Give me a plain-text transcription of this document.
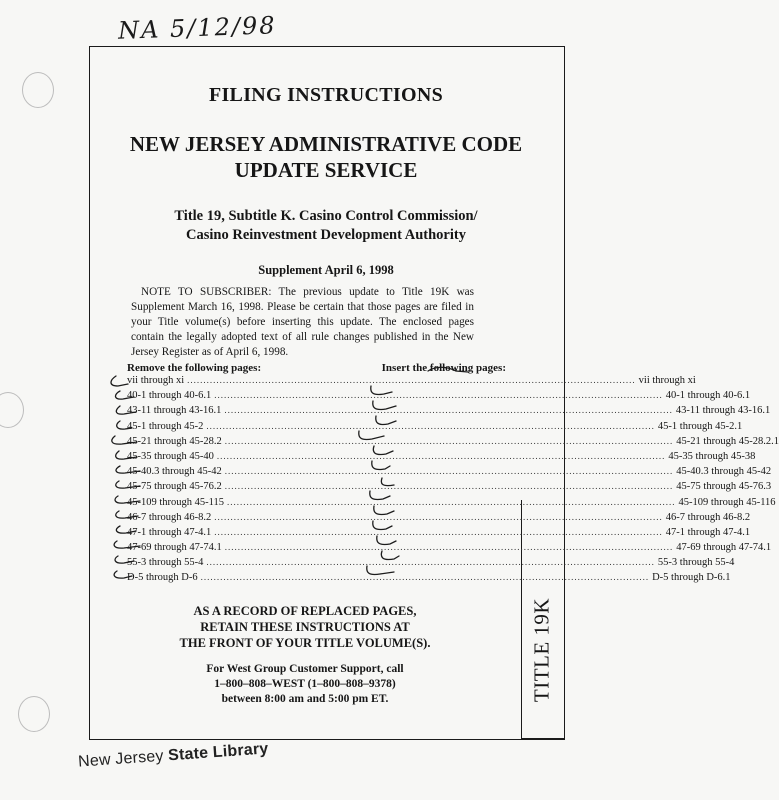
NA 5/12/98
TITLE 19K
FILING INSTRUCTIONS
NEW JERSEY ADMINISTRATIVE CODE
UPDATE SERVICE
Title 19, Subtitle K. Casino Control Commission/
Casino Reinvestment Development Authority
Supplement April 6, 1998
NOTE TO SUBSCRIBER: The previous update to Title 19K was Supplement March 16, 1998. Please be certain that those pages are filed in your Title volume(s) before inserting this update. The enclosed pages contain the legally adopted text of all rule changes published in the New Jersey Register as of April 6, 1998.
Remove the following pages:	Insert the following pages:
vii through xi .......................................................................................................................................... vii through xi
40-1 through 40-6.1 .......................................................................................................................................... 40-1 through 40-6.1
43-11 through 43-16.1 .......................................................................................................................................... 43-11 through 43-16.1
45-1 through 45-2 .......................................................................................................................................... 45-1 through 45-2.1
45-21 through 45-28.2 .......................................................................................................................................... 45-21 through 45-28.2.1
45-35 through 45-40 .......................................................................................................................................... 45-35 through 45-38
45-40.3 through 45-42 .......................................................................................................................................... 45-40.3 through 45-42
45-75 through 45-76.2 .......................................................................................................................................... 45-75 through 45-76.3
45-109 through 45-115 .......................................................................................................................................... 45-109 through 45-116
46-7 through 46-8.2 .......................................................................................................................................... 46-7 through 46-8.2
47-1 through 47-4.1 .......................................................................................................................................... 47-1 through 47-4.1
47-69 through 47-74.1 .......................................................................................................................................... 47-69 through 47-74.1
55-3 through 55-4 .......................................................................................................................................... 55-3 through 55-4
D-5 through D-6 .......................................................................................................................................... D-5 through D-6.1
AS A RECORD OF REPLACED PAGES,
RETAIN THESE INSTRUCTIONS AT
THE FRONT OF YOUR TITLE VOLUME(S).
For West Group Customer Support, call
1–800–808–WEST (1–800–808–9378)
between 8:00 am and 5:00 pm ET.
New Jersey State Library
